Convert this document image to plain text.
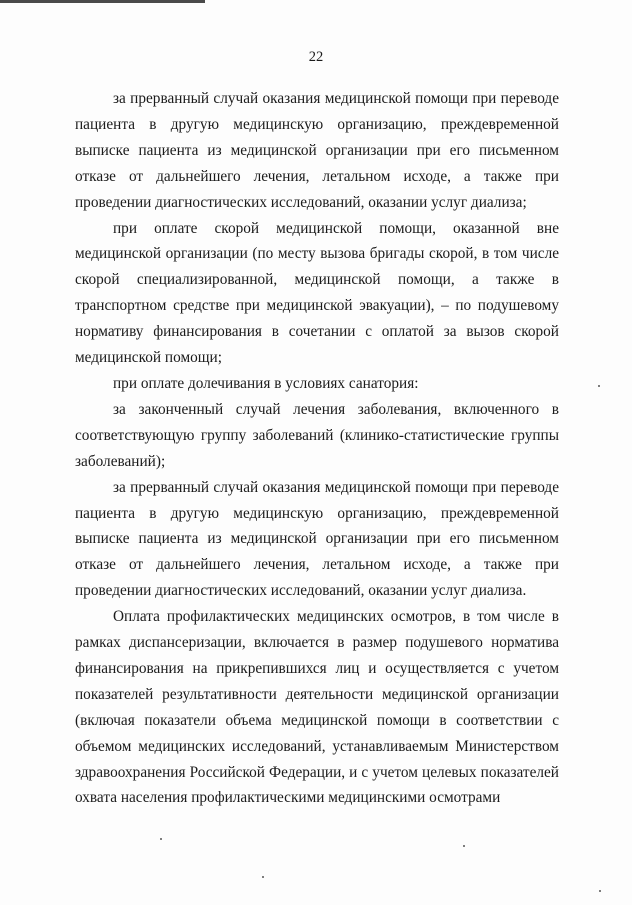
22

за прерванный случай оказания медицинской помощи при переводе пациента в другую медицинскую организацию, преждевременной выписке пациента из медицинской организации при его письменном отказе от дальнейшего лечения, летальном исходе, а также при проведении диагностических исследований, оказании услуг диализа;

при оплате скорой медицинской помощи, оказанной вне медицинской организации (по месту вызова бригады скорой, в том числе скорой специализированной, медицинской помощи, а также в транспортном средстве при медицинской эвакуации), – по подушевому нормативу финансирования в сочетании с оплатой за вызов скорой медицинской помощи;

при оплате долечивания в условиях санатория:

за законченный случай лечения заболевания, включенного в соответствующую группу заболеваний (клинико-статистические группы заболеваний);

за прерванный случай оказания медицинской помощи при переводе пациента в другую медицинскую организацию, преждевременной выписке пациента из медицинской организации при его письменном отказе от дальнейшего лечения, летальном исходе, а также при проведении диагностических исследований, оказании услуг диализа.

Оплата профилактических медицинских осмотров, в том числе в рамках диспансеризации, включается в размер подушевого норматива финансирования на прикрепившихся лиц и осуществляется с учетом показателей результативности деятельности медицинской организации (включая показатели объема медицинской помощи в соответствии с объемом медицинских исследований, устанавливаемым Министерством здравоохранения Российской Федерации, и с учетом целевых показателей охвата населения профилактическими медицинскими осмотрами
